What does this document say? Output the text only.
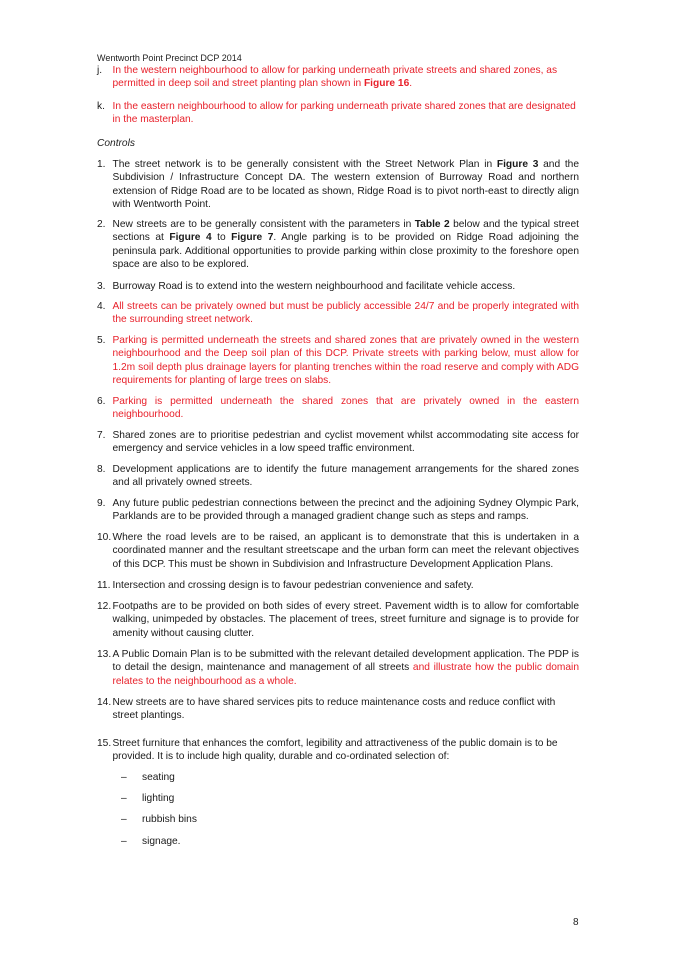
Wentworth Point Precinct DCP 2014
j.	In the western neighbourhood to allow for parking underneath private streets and shared zones, as permitted in deep soil and street planting plan shown in Figure 16.
k. In the eastern neighbourhood to allow for parking underneath private shared zones that are designated in the masterplan.
Controls
1. The street network is to be generally consistent with the Street Network Plan in Figure 3 and the Subdivision / Infrastructure Concept DA. The western extension of Burroway Road and northern extension of Ridge Road are to be located as shown, Ridge Road is to pivot north-east to directly align with Wentworth Point.
2. New streets are to be generally consistent with the parameters in Table 2 below and the typical street sections at Figure 4 to Figure 7. Angle parking is to be provided on Ridge Road adjoining the peninsula park. Additional opportunities to provide parking within close proximity to the foreshore open space are also to be explored.
3. Burroway Road is to extend into the western neighbourhood and facilitate vehicle access.
4. All streets can be privately owned but must be publicly accessible 24/7 and be properly integrated with the surrounding street network.
5. Parking is permitted underneath the streets and shared zones that are privately owned in the western neighbourhood and the Deep soil plan of this DCP. Private streets with parking below, must allow for 1.2m soil depth plus drainage layers for planting trenches within the road reserve and comply with ADG requirements for planting of large trees on slabs.
6. Parking is permitted underneath the shared zones that are privately owned in the eastern neighbourhood.
7. Shared zones are to prioritise pedestrian and cyclist movement whilst accommodating site access for emergency and service vehicles in a low speed traffic environment.
8. Development applications are to identify the future management arrangements for the shared zones and all privately owned streets.
9. Any future public pedestrian connections between the precinct and the adjoining Sydney Olympic Park, Parklands are to be provided through a managed gradient change such as steps and ramps.
10. Where the road levels are to be raised, an applicant is to demonstrate that this is undertaken in a coordinated manner and the resultant streetscape and the urban form can meet the relevant objectives of this DCP. This must be shown in Subdivision and Infrastructure Development Application Plans.
11. Intersection and crossing design is to favour pedestrian convenience and safety.
12. Footpaths are to be provided on both sides of every street. Pavement width is to allow for comfortable walking, unimpeded by obstacles. The placement of trees, street furniture and signage is to provide for amenity without causing clutter.
13. A Public Domain Plan is to be submitted with the relevant detailed development application. The PDP is to detail the design, maintenance and management of all streets and illustrate how the public domain relates to the neighbourhood as a whole.
14. New streets are to have shared services pits to reduce maintenance costs and reduce conflict with street plantings.
15. Street furniture that enhances the comfort, legibility and attractiveness of the public domain is to be provided. It is to include high quality, durable and co-ordinated selection of:
– seating
– lighting
– rubbish bins
– signage.
8
